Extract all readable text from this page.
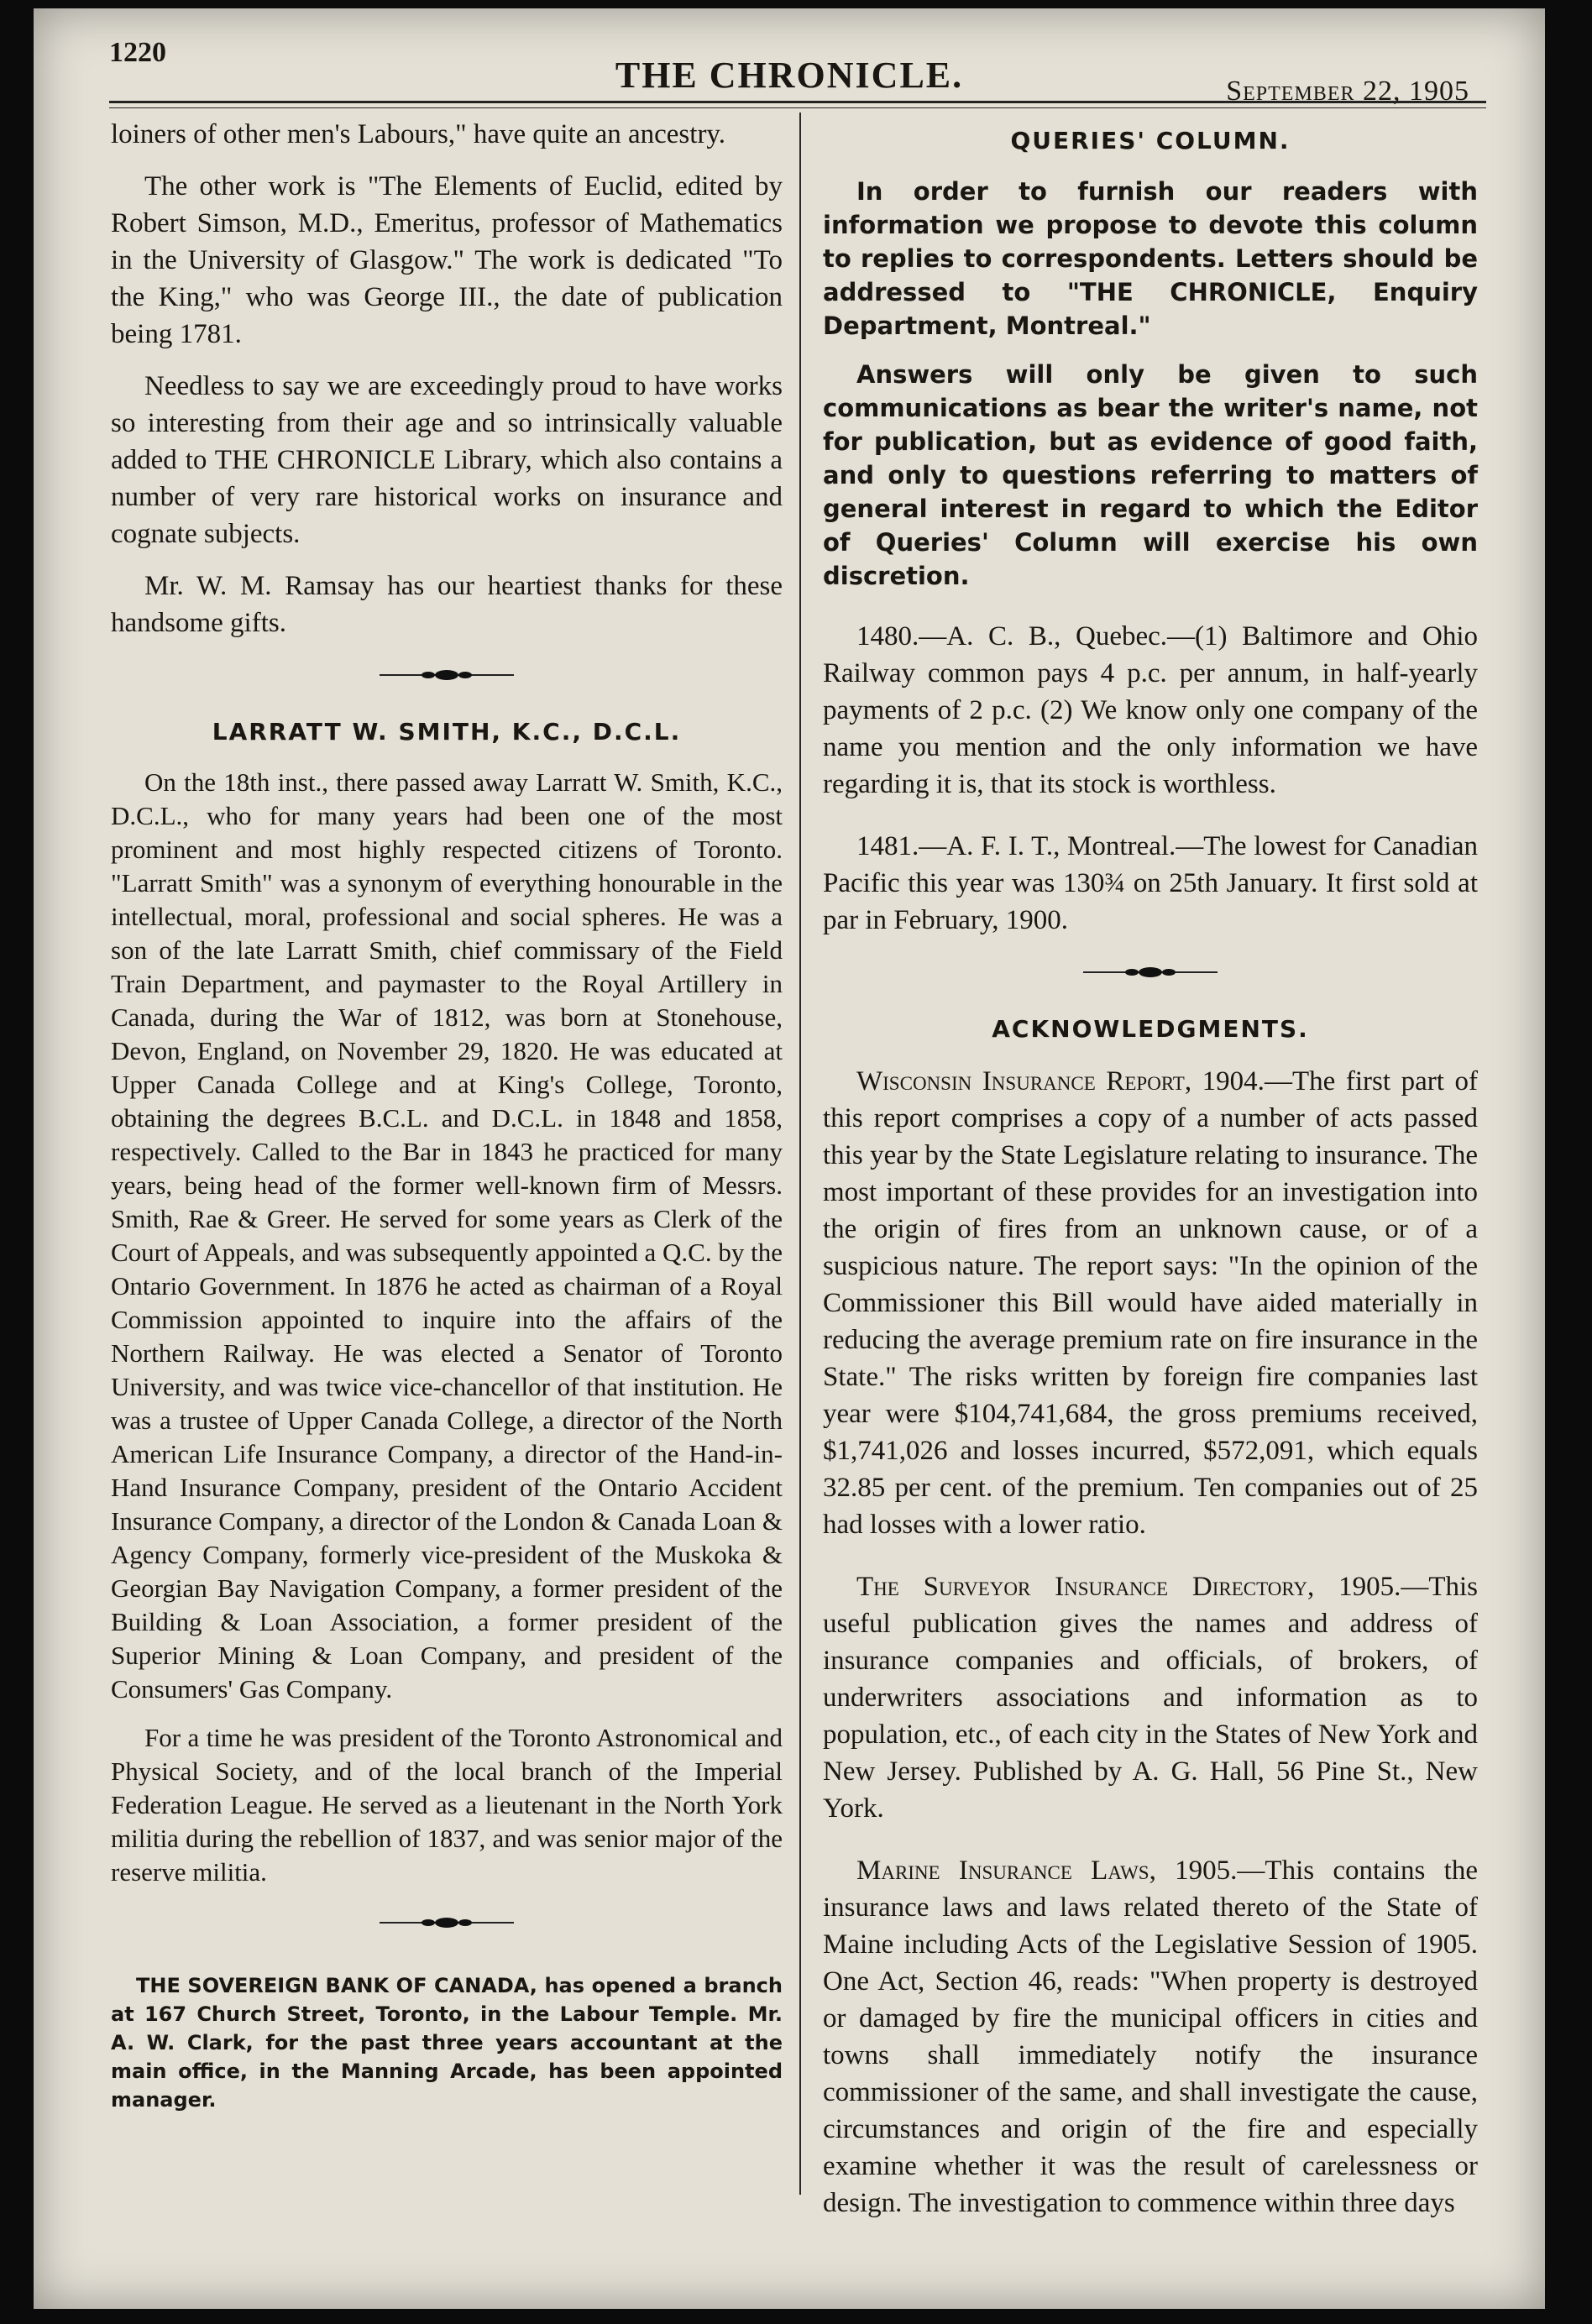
1220
THE CHRONICLE.	September 22, 1905

loiners of other men's Labours," have quite an ancestry.

The other work is "The Elements of Euclid, edited by Robert Simson, M.D., Emeritus, professor of Mathematics in the University of Glasgow." The work is dedicated "To the King," who was George III., the date of publication being 1781.

Needless to say we are exceedingly proud to have works so interesting from their age and so intrinsically valuable added to THE CHRONICLE Library, which also contains a number of very rare historical works on insurance and cognate subjects.

Mr. W. M. Ramsay has our heartiest thanks for these handsome gifts.

LARRATT W. SMITH, K.C., D.C.L.

On the 18th inst., there passed away Larratt W. Smith, K.C., D.C.L., who for many years had been one of the most prominent and most highly respected citizens of Toronto. "Larratt Smith" was a synonym of everything honourable in the intellectual, moral, professional and social spheres. He was a son of the late Larratt Smith, chief commissary of the Field Train Department, and paymaster to the Royal Artillery in Canada, during the War of 1812, was born at Stonehouse, Devon, England, on November 29, 1820. He was educated at Upper Canada College and at King's College, Toronto, obtaining the degrees B.C.L. and D.C.L. in 1848 and 1858, respectively. Called to the Bar in 1843 he practiced for many years, being head of the former well-known firm of Messrs. Smith, Rae & Greer. He served for some years as Clerk of the Court of Appeals, and was subsequently appointed a Q.C. by the Ontario Government. In 1876 he acted as chairman of a Royal Commission appointed to inquire into the affairs of the Northern Railway. He was elected a Senator of Toronto University, and was twice vice-chancellor of that institution. He was a trustee of Upper Canada College, a director of the North American Life Insurance Company, a director of the Hand-in-Hand Insurance Company, president of the Ontario Accident Insurance Company, a director of the London & Canada Loan & Agency Company, formerly vice-president of the Muskoka & Georgian Bay Navigation Company, a former president of the Building & Loan Association, a former president of the Superior Mining & Loan Company, and president of the Consumers' Gas Company.

For a time he was president of the Toronto Astronomical and Physical Society, and of the local branch of the Imperial Federation League. He served as a lieutenant in the North York militia during the rebellion of 1837, and was senior major of the reserve militia.

THE SOVEREIGN BANK OF CANADA, has opened a branch at 167 Church Street, Toronto, in the Labour Temple. Mr. A. W. Clark, for the past three years accountant at the main office, in the Manning Arcade, has been appointed manager.

QUERIES' COLUMN.

In order to furnish our readers with information we propose to devote this column to replies to correspondents. Letters should be addressed to "THE CHRONICLE, Enquiry Department, Montreal."

Answers will only be given to such communications as bear the writer's name, not for publication, but as evidence of good faith, and only to questions referring to matters of general interest in regard to which the Editor of Queries' Column will exercise his own discretion.

1480.—A. C. B., Quebec.—(1) Baltimore and Ohio Railway common pays 4 p.c. per annum, in half-yearly payments of 2 p.c. (2) We know only one company of the name you mention and the only information we have regarding it is, that its stock is worthless.

1481.—A. F. I. T., Montreal.—The lowest for Canadian Pacific this year was 130¾ on 25th January. It first sold at par in February, 1900.

ACKNOWLEDGMENTS.

Wisconsin Insurance Report, 1904.—The first part of this report comprises a copy of a number of acts passed this year by the State Legislature relating to insurance. The most important of these provides for an investigation into the origin of fires from an unknown cause, or of a suspicious nature. The report says: "In the opinion of the Commissioner this Bill would have aided materially in reducing the average premium rate on fire insurance in the State." The risks written by foreign fire companies last year were $104,741,684, the gross premiums received, $1,741,026 and losses incurred, $572,091, which equals 32.85 per cent. of the premium. Ten companies out of 25 had losses with a lower ratio.

The Surveyor Insurance Directory, 1905.—This useful publication gives the names and address of insurance companies and officials, of brokers, of underwriters associations and information as to population, etc., of each city in the States of New York and New Jersey. Published by A. G. Hall, 56 Pine St., New York.

Marine Insurance Laws, 1905.—This contains the insurance laws and laws related thereto of the State of Maine including Acts of the Legislative Session of 1905. One Act, Section 46, reads: "When property is destroyed or damaged by fire the municipal officers in cities and towns shall immediately notify the insurance commissioner of the same, and shall investigate the cause, circumstances and origin of the fire and especially examine whether it was the result of carelessness or design. The investigation to commence within three days
